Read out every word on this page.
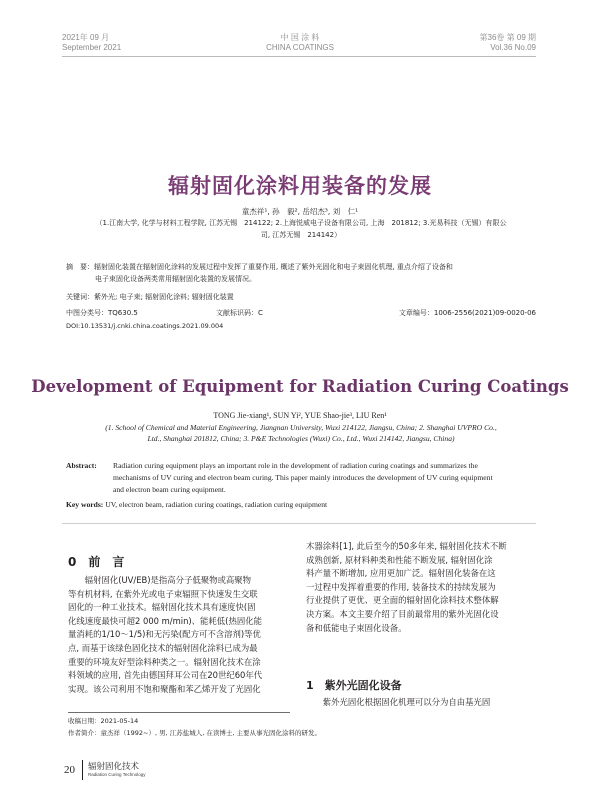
2021年 09 月
September 2021
中 国 涂 料
CHINA COATINGS
第36卷 第 09 期
Vol.36 No.09
辐射固化涂料用装备的发展
童杰祥¹, 孙　毅², 岳绍杰³, 刘　仁¹
（1.江南大学, 化学与材料工程学院, 江苏无锡　214122; 2.上海悦威电子设备有限公司, 上海　201812; 3.光易科技（无锡）有限公
司, 江苏无锡　214142）
摘　要：辐射固化装置在辐射固化涂料的发展过程中发挥了重要作用, 概述了紫外光固化和电子束固化机理, 重点介绍了设备和
电子束固化设备两类常用辐射固化装置的发展情况。
关键词：紫外光; 电子束; 辐射固化涂料; 辐射固化装置
中图分类号：TQ630.5	文献标识码：C	文章编号：1006-2556(2021)09-0020-06
DOI:10.13531/j.cnki.china.coatings.2021.09.004
Development of Equipment for Radiation Curing Coatings
TONG Jie-xiang¹, SUN Yi², YUE Shao-jie³, LIU Ren¹
(1. School of Chemical and Material Engineering, Jiangnan University, Wuxi 214122, Jiangsu, China; 2. Shanghai UVPRO Co.,
Ltd., Shanghai 201812, China; 3. P&E Technologies (Wuxi) Co., Ltd., Wuxi 214142, Jiangsu, China)
Abstract: Radiation curing equipment plays an important role in the development of radiation curing coatings and summarizes the
mechanisms of UV curing and electron beam curing. This paper mainly introduces the development of UV curing equipment
and electron beam curing equipment.
Key words: UV, electron beam, radiation curing coatings, radiation curing equipment
0　前　言
　　辐射固化(UV/EB)是指高分子低聚物或高聚物
等有机材料, 在紫外光或电子束辐照下快速发生交联
固化的一种工业技术。辐射固化技术具有速度快(固
化线速度最快可超2 000 m/min)、能耗低(热固化能
量消耗的1/10～1/5)和无污染(配方可不含溶剂)等优
点, 而基于该绿色固化技术的辐射固化涂料已成为最
重要的环境友好型涂料种类之一。辐射固化技术在涂
料领域的应用, 首先由德国拜耳公司在20世纪60年代
实现。该公司利用不饱和聚酯和苯乙烯开发了光固化
木器涂料[1], 此后至今的50多年来, 辐射固化技术不断
成熟创新, 原材料种类和性能不断发展, 辐射固化涂
料产量不断增加, 应用更加广泛。辐射固化装备在这
一过程中发挥着重要的作用, 装备技术的持续发展为
行业提供了更优、更全面的辐射固化涂料技术整体解
决方案。本文主要介绍了目前最常用的紫外光固化设
备和低能电子束固化设备。
1　紫外光固化设备
　　紫外光固化根据固化机理可以分为自由基光固
收稿日期：2021-05-14
作者简介：童杰祥（1992~）, 男, 江苏盐城人, 在读博士, 主要从事光固化涂料的研发。
20 辐射固化技术
Radiation Curing Technology
